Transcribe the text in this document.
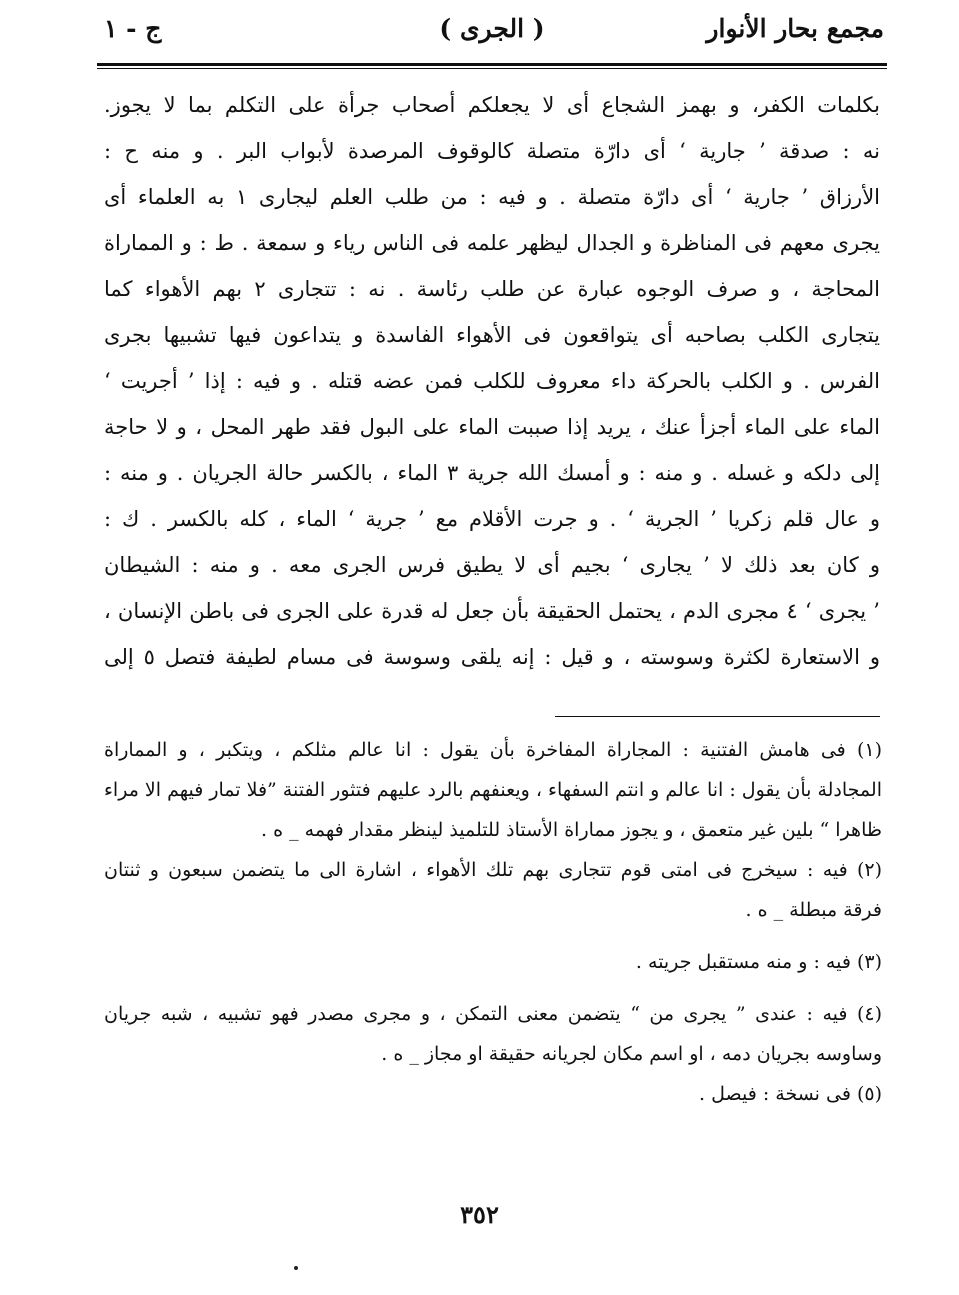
مجمع بحار الأنوار
( الجرى )
ج - ١
بكلمات الكفر، و بهمز الشجاع أى لا يجعلكم أصحاب جرأة على التكلم بما لا يجوز.
نه : صدقة ’ جارية ‘ أى دارّة متصلة كالوقوف المرصدة لأبواب البر . و منه ح :
الأرزاق ’ جارية ‘ أى دارّة متصلة . و فيه : من طلب العلم ليجارى ١ به العلماء أى
يجرى معهم فى المناظرة و الجدال ليظهر علمه فى الناس رياء و سمعة . ط : و المماراة
المحاجة ، و صرف الوجوه عبارة عن طلب رئاسة . نه : تتجارى ٢ بهم الأهواء كما
يتجارى الكلب بصاحبه أى يتواقعون فى الأهواء الفاسدة و يتداعون فيها تشبيها بجرى
الفرس . و الكلب بالحركة داء معروف للكلب فمن عضه قتله . و فيه : إذا ’ أجريت ‘
الماء على الماء أجزأ عنك ، يريد إذا صببت الماء على البول فقد طهر المحل ، و لا حاجة
إلى دلكه و غسله . و منه : و أمسك الله جرية ٣ الماء ، بالكسر حالة الجريان . و منه :
و عال قلم زكريا ’ الجرية ‘ . و جرت الأقلام مع ’ جرية ‘ الماء ، كله بالكسر . ك :
و كان بعد ذلك لا ’ يجارى ‘ بجيم أى لا يطيق فرس الجرى معه . و منه : الشيطان
’ يجرى ‘ ٤ مجرى الدم ، يحتمل الحقيقة بأن جعل له قدرة على الجرى فى باطن الإنسان ،
و الاستعارة لكثرة وسوسته ، و قيل : إنه يلقى وسوسة فى مسام لطيفة فتصل ٥ إلى
(١) فى هامش الفتنية : المجاراة المفاخرة بأن يقول : انا عالم مثلكم ، ويتكبر ، و المماراة
المجادلة بأن يقول : انا عالم و انتم السفهاء ، ويعنفهم بالرد عليهم فتثور الفتنة ”فلا تمار فيهم الا مراء
ظاهرا “ بلين غير متعمق ، و يجوز مماراة الأستاذ للتلميذ لينظر مقدار فهمه _ ه .
(٢) فيه : سيخرج فى امتى قوم تتجارى بهم تلك الأهواء ، اشارة الى ما يتضمن سبعون و ثنتان
فرقة مبطلة _ ه .
(٣) فيه : و منه مستقبل جريته .
(٤) فيه : عندى ” يجرى من “ يتضمن معنى التمكن ، و مجرى مصدر فهو تشبيه ، شبه جريان
وساوسه بجريان دمه ، او اسم مكان لجريانه حقيقة او مجاز _ ه .
(٥) فى نسخة : فيصل .
٣٥٢
